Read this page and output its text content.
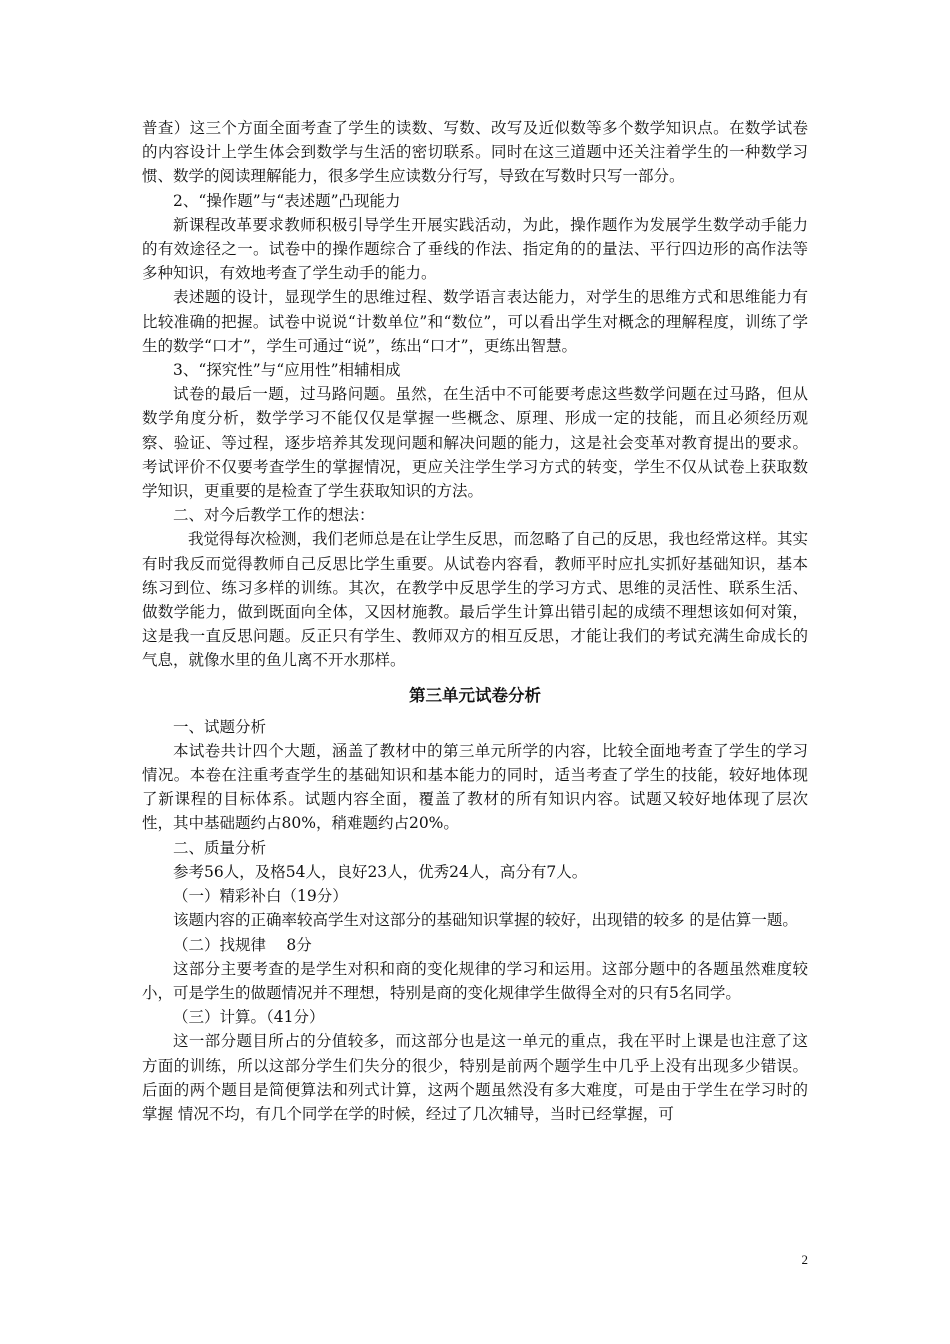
普查）这三个方面全面考查了学生的读数、写数、改写及近似数等多个数学知识点。在数学试卷的内容设计上学生体会到数学与生活的密切联系。同时在这三道题中还关注着学生的一种数学习惯、数学的阅读理解能力，很多学生应读数分行写，导致在写数时只写一部分。

2、“操作题”与“表述题”凸现能力

新课程改革要求教师积极引导学生开展实践活动，为此，操作题作为发展学生数学动手能力的有效途径之一。试卷中的操作题综合了垂线的作法、指定角的的量法、平行四边形的高作法等多种知识，有效地考查了学生动手的能力。

表述题的设计，显现学生的思维过程、数学语言表达能力，对学生的思维方式和思维能力有比较准确的把握。试卷中说说“计数单位”和“数位”，可以看出学生对概念的理解程度，训练了学生的数学“口才”，学生可通过“说”，练出“口才”，更练出智慧。

3、“探究性”与“应用性”相辅相成

试卷的最后一题，过马路问题。虽然，在生活中不可能要考虑这些数学问题在过马路，但从数学角度分析，数学学习不能仅仅是掌握一些概念、原理、形成一定的技能，而且必须经历观察、验证、等过程，逐步培养其发现问题和解决问题的能力，这是社会变革对教育提出的要求。考试评价不仅要考查学生的掌握情况，更应关注学生学习方式的转变，学生不仅从试卷上获取数学知识，更重要的是检查了学生获取知识的方法。

二、对今后教学工作的想法：

我觉得每次检测，我们老师总是在让学生反思，而忽略了自己的反思，我也经常这样。其实有时我反而觉得教师自己反思比学生重要。从试卷内容看，教师平时应扎实抓好基础知识，基本练习到位、练习多样的训练。其次，在教学中反思学生的学习方式、思维的灵活性、联系生活、做数学能力，做到既面向全体，又因材施教。最后学生计算出错引起的成绩不理想该如何对策，这是我一直反思问题。反正只有学生、教师双方的相互反思，才能让我们的考试充满生命成长的气息，就像水里的鱼儿离不开水那样。

第三单元试卷分析

一、试题分析

本试卷共计四个大题，涵盖了教材中的第三单元所学的内容，比较全面地考查了学生的学习情况。本卷在注重考查学生的基础知识和基本能力的同时，适当考查了学生的技能，较好地体现了新课程的目标体系。试题内容全面，覆盖了教材的所有知识内容。试题又较好地体现了层次性，其中基础题约占80%，稍难题约占20%。

二、质量分析

参考56人，及格54人，良好23人，优秀24人，高分有7人。

（一）精彩补白（19分）

该题内容的正确率较高学生对这部分的基础知识掌握的较好，出现错的较多 的是估算一题。

（二）找规律　 8分

这部分主要考查的是学生对积和商的变化规律的学习和运用。这部分题中的各题虽然难度较小，可是学生的做题情况并不理想，特别是商的变化规律学生做得全对的只有5名同学。

（三）计算。（41分）

这一部分题目所占的分值较多，而这部分也是这一单元的重点，我在平时上课是也注意了这方面的训练，所以这部分学生们失分的很少，特别是前两个题学生中几乎上没有出现多少错误。后面的两个题目是简便算法和列式计算，这两个题虽然没有多大难度，可是由于学生在学习时的掌握 情况不均，有几个同学在学的时候，经过了几次辅导，当时已经掌握，可

2
